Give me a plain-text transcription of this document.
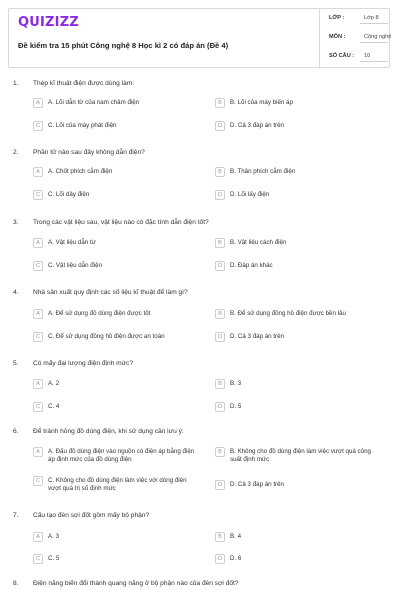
QUIZIZZ
Đề kiểm tra 15 phút Công nghệ 8 Học kì 2 có đáp án (Đề 4)
LỚP :	Lớp 8
MÔN :	Công nghệ
SỐ CÂU : 10
1. Thép kĩ thuật điện được dùng làm:
A	A. Lõi dẫn từ của nam châm điện	B	B. Lõi của máy biến áp
C	C. Lõi của máy phát điện	D	D. Cả 3 đáp án trên
2. Phần tử nào sau đây không dẫn điện?
A	A. Chốt phích cắm điện	B	B. Thân phích cắm điện
C	C. Lõi dây điện	D	D. Lõi lấy điện
3. Trong các vật liệu sau, vật liệu nào có đặc tính dẫn điện tốt?
A	A. Vật liệu dẫn từ	B	B. Vật liệu cách điện
C	C. Vật liệu dẫn điện	D	D. Đáp án khác
4. Nhà sản xuất quy định các số liệu kĩ thuật để làm gì?
A	A. Để sử dụng đồ dùng điện được tốt	B	B. Để sử dụng đồng hồ điện được bền lâu
C	C. Để sử dụng đồng hồ điện được an toàn	D	D. Cả 3 đáp án trên
5. Có mấy đại lượng điện định mức?
A	A. 2	B	B. 3
C	C. 4	D	D. 5
6. Để tránh hỏng đồ dùng điện, khi sử dụng cần lưu ý:
A	A. Đấu đồ dùng điện vào nguồn có điện áp bằng điện áp định mức của đồ dùng điện
B	B. Không cho đồ dùng điện làm việc vượt quá công suất định mức
C	C. Không cho đồ dùng điện làm việc với dòng điện vượt quá trị số định mức
D	D. Cả 3 đáp án trên
7. Cấu tạo đèn sợi đốt gồm mấy bộ phận?
A	A. 3	B	B. 4
C	C. 5	D	D. 6
8. Điện năng biến đổi thành quang năng ở bộ phận nào của đèn sợi đốt?
